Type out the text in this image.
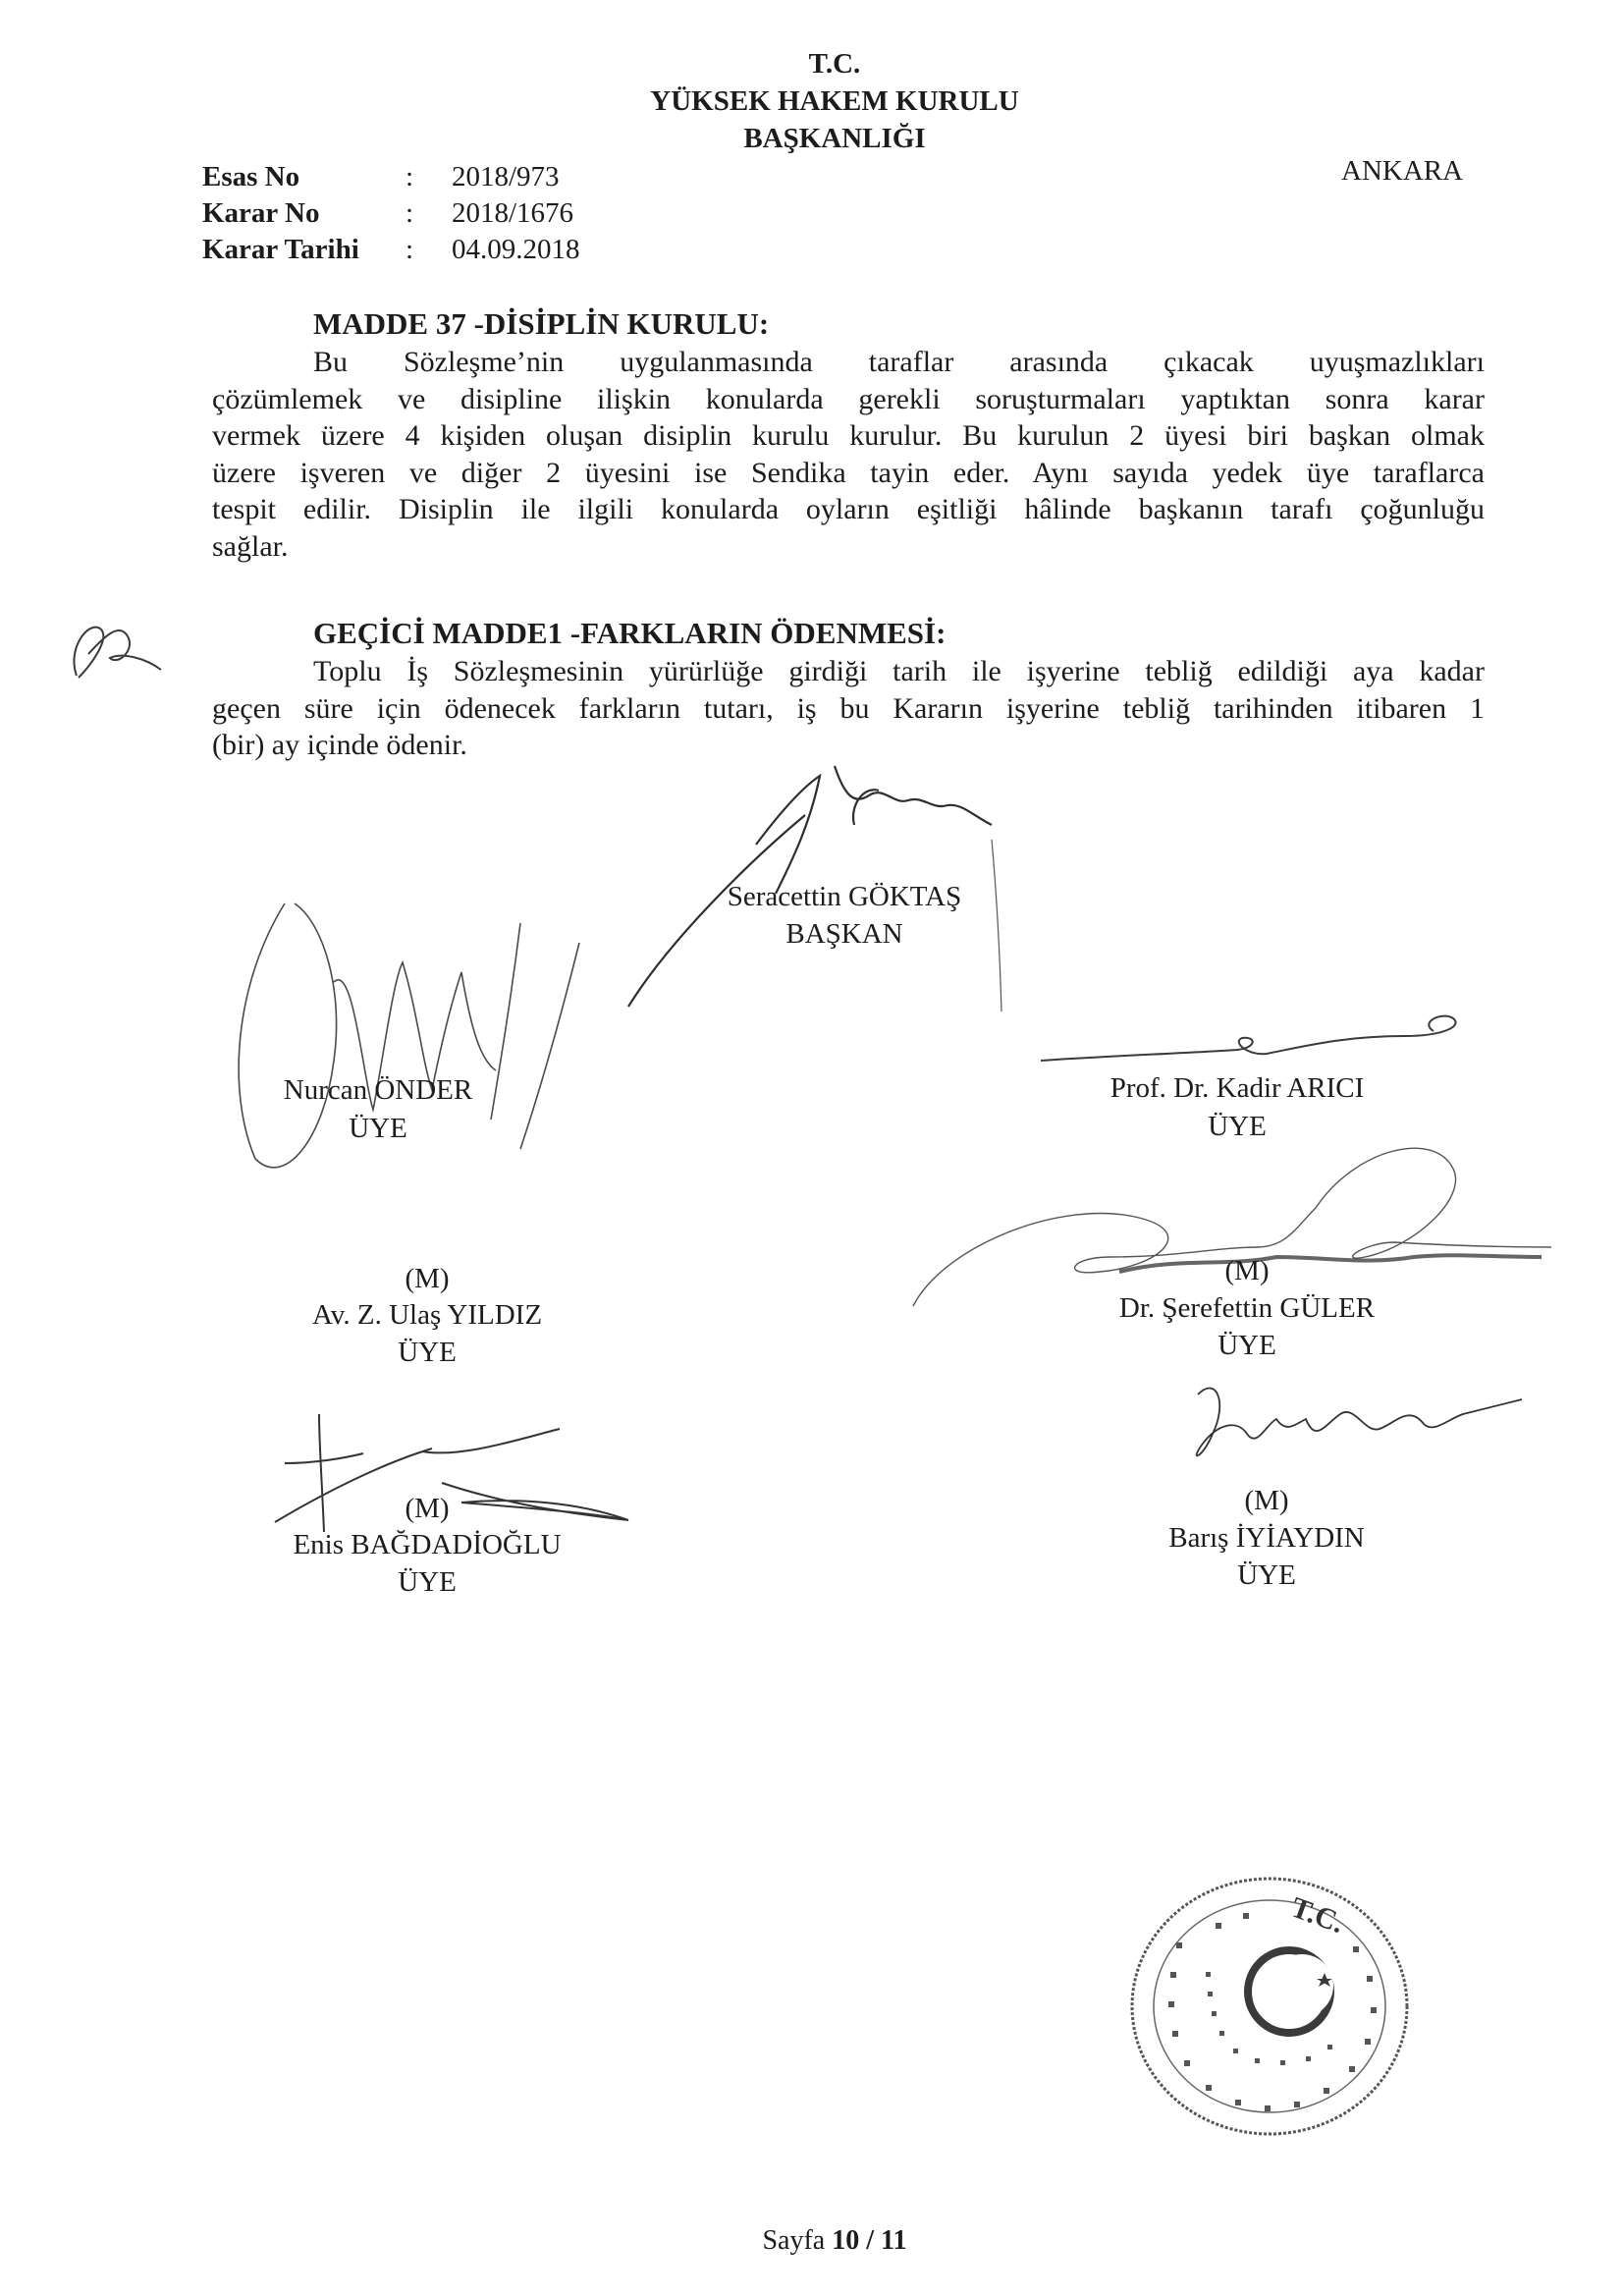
T.C.
YÜKSEK HAKEM KURULU
BAŞKANLIĞI
ANKARA
Esas No	: 2018/973
Karar No	: 2018/1676
Karar Tarihi : 04.09.2018
MADDE 37 -DİSİPLİN KURULU:
Bu Sözleşme’nin uygulanmasında taraflar arasında çıkacak uyuşmazlıkları
çözümlemek ve disipline ilişkin konularda gerekli soruşturmaları yaptıktan sonra karar
vermek üzere 4 kişiden oluşan disiplin kurulu kurulur. Bu kurulun 2 üyesi biri başkan olmak
üzere işveren ve diğer 2 üyesini ise Sendika tayin eder. Aynı sayıda yedek üye taraflarca
tespit edilir. Disiplin ile ilgili konularda oyların eşitliği hâlinde başkanın tarafı çoğunluğu
sağlar.
GEÇİCİ MADDE1 -FARKLARIN ÖDENMESİ:
Toplu İş Sözleşmesinin yürürlüğe girdiği tarih ile işyerine tebliğ edildiği aya kadar
geçen süre için ödenecek farkların tutarı, iş bu Kararın işyerine tebliğ tarihinden itibaren 1
(bir) ay içinde ödenir.
Seracettin GÖKTAŞ
BAŞKAN
Nurcan ÖNDER
ÜYE
Prof. Dr. Kadir ARICI
ÜYE
(M)
Av. Z. Ulaş YILDIZ
ÜYE
(M)
Dr. Şerefettin GÜLER
ÜYE
(M)
Enis BAĞDADİOĞLU
ÜYE
(M)
Barış İYİAYDIN
ÜYE
T.C.
Sayfa 10 / 11
